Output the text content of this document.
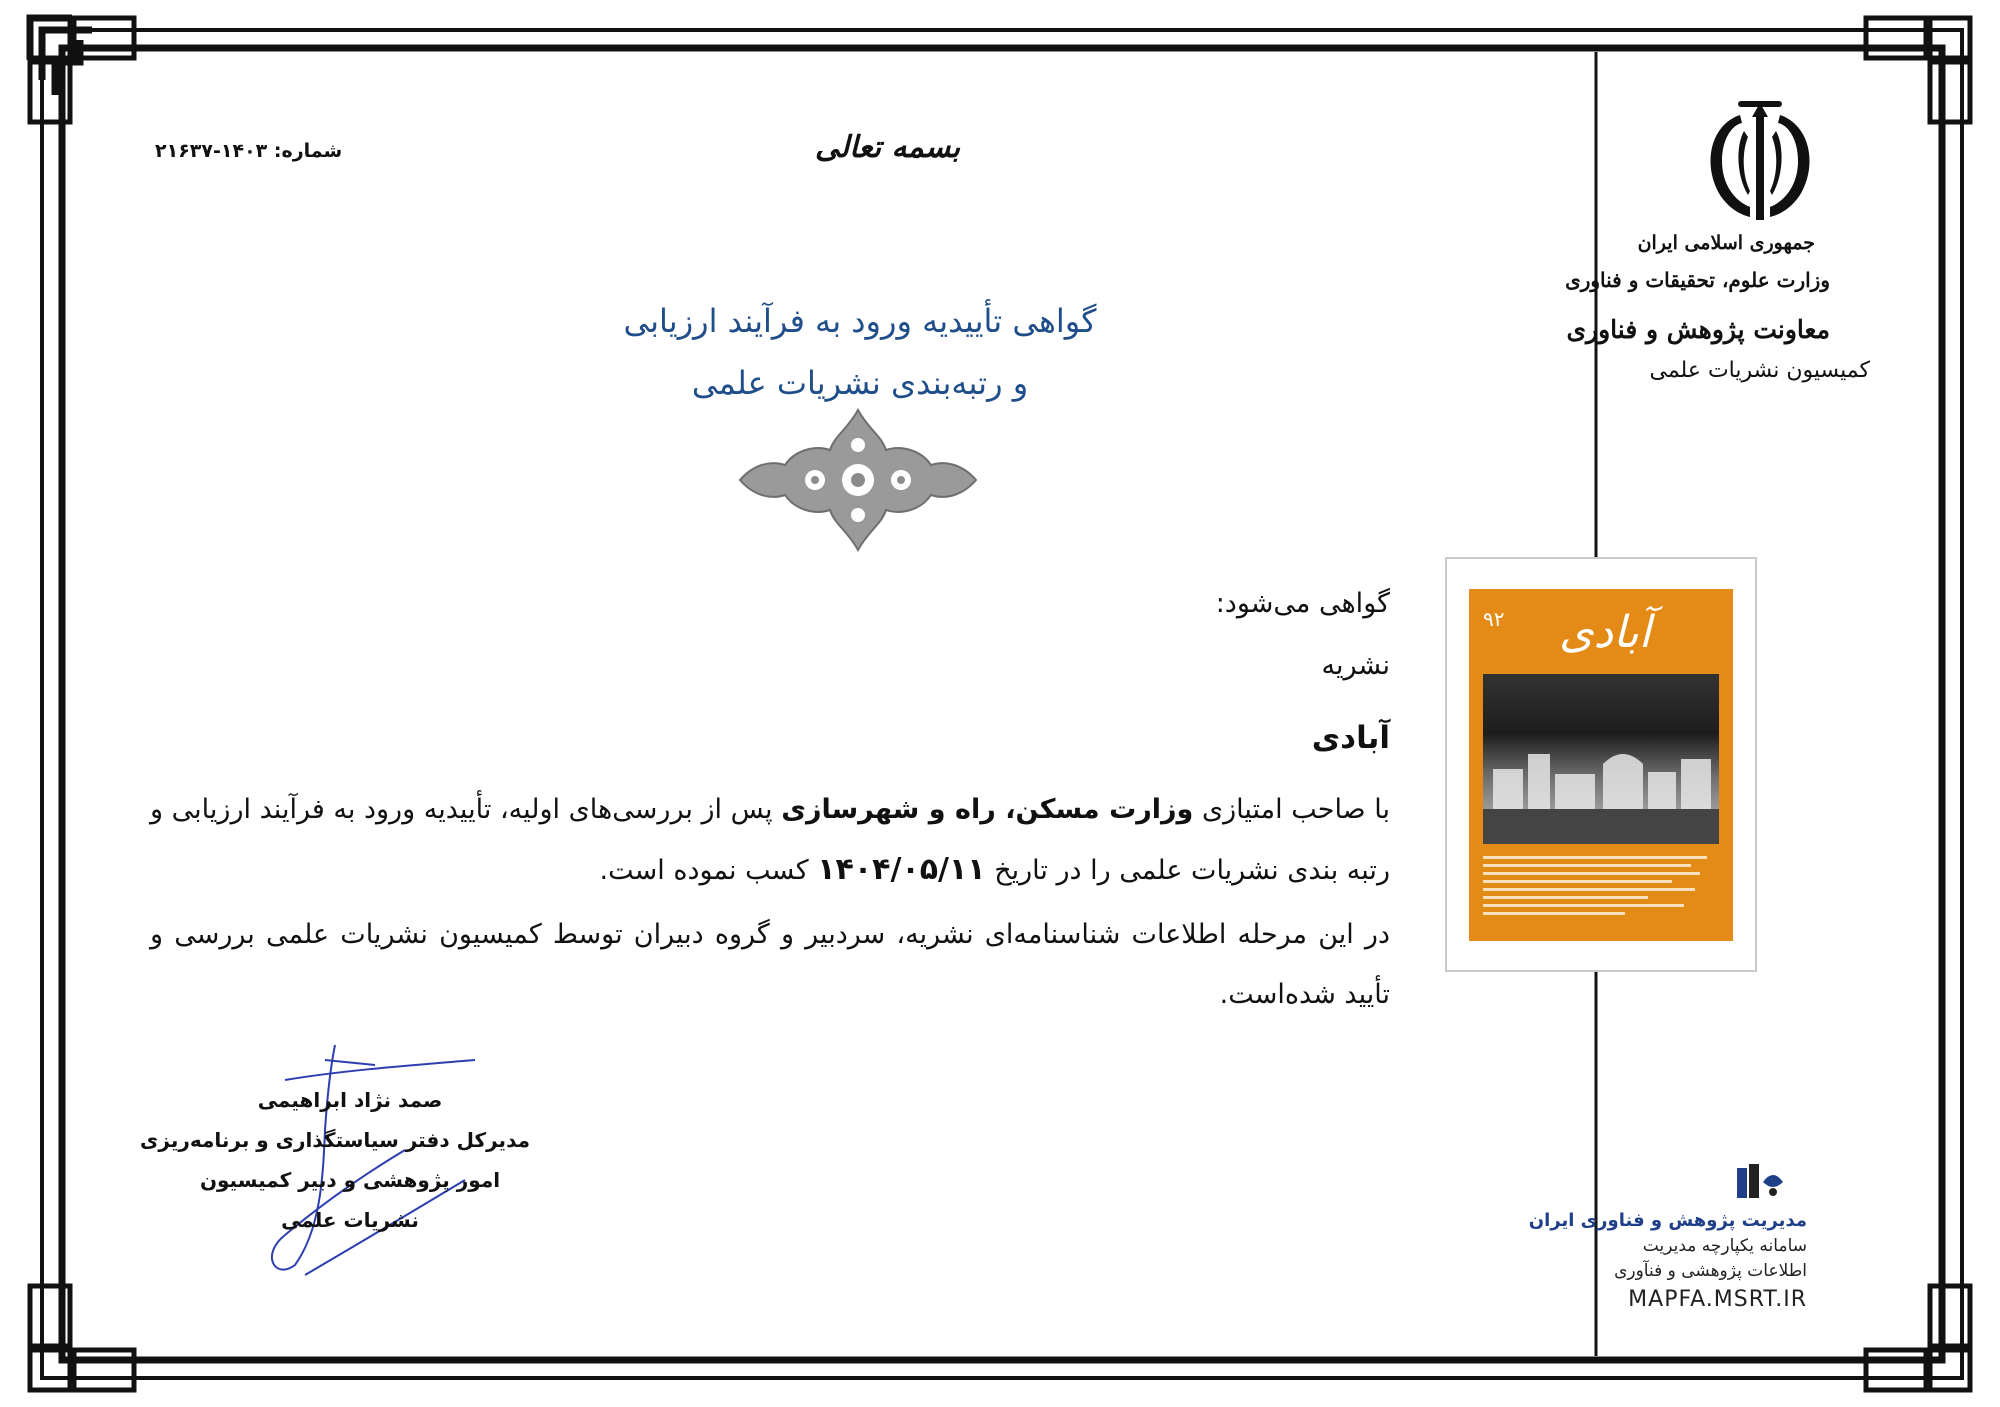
جمهوری اسلامی ایران
وزارت علوم، تحقیقات و فناوری
معاونت پژوهش و فناوری
کمیسیون نشریات علمی
آبادی
۹۲
مدیریت پژوهش و فناوری ایران
سامانه یکپارچه مدیریت
اطلاعات پژوهشی و فنآوری
MAPFA.MSRT.IR
شماره: ۱۴۰۳-۲۱۶۳۷	بسمه تعالی
گواهی تأییدیه ورود به فرآیند ارزیابی
و رتبه‌بندی نشریات علمی
گواهی می‌شود:
نشریه
آبادی
با صاحب امتیازی وزارت مسکن، راه و شهرسازی پس از بررسی‌های اولیه، تأییدیه ورود به فرآیند ارزیابی و رتبه بندی نشریات علمی را در تاریخ ۱۴۰۴/۰۵/۱۱ کسب نموده است.
در این مرحله اطلاعات شناسنامه‌ای نشریه، سردبیر و گروه دبیران توسط کمیسیون نشریات علمی بررسی و تأیید شده‌است.
صمد نژاد ابراهیمی
مدیرکل دفتر سیاستگذاری و برنامه‌ریزی
امور پژوهشی و دبیر کمیسیون
نشریات علمی
